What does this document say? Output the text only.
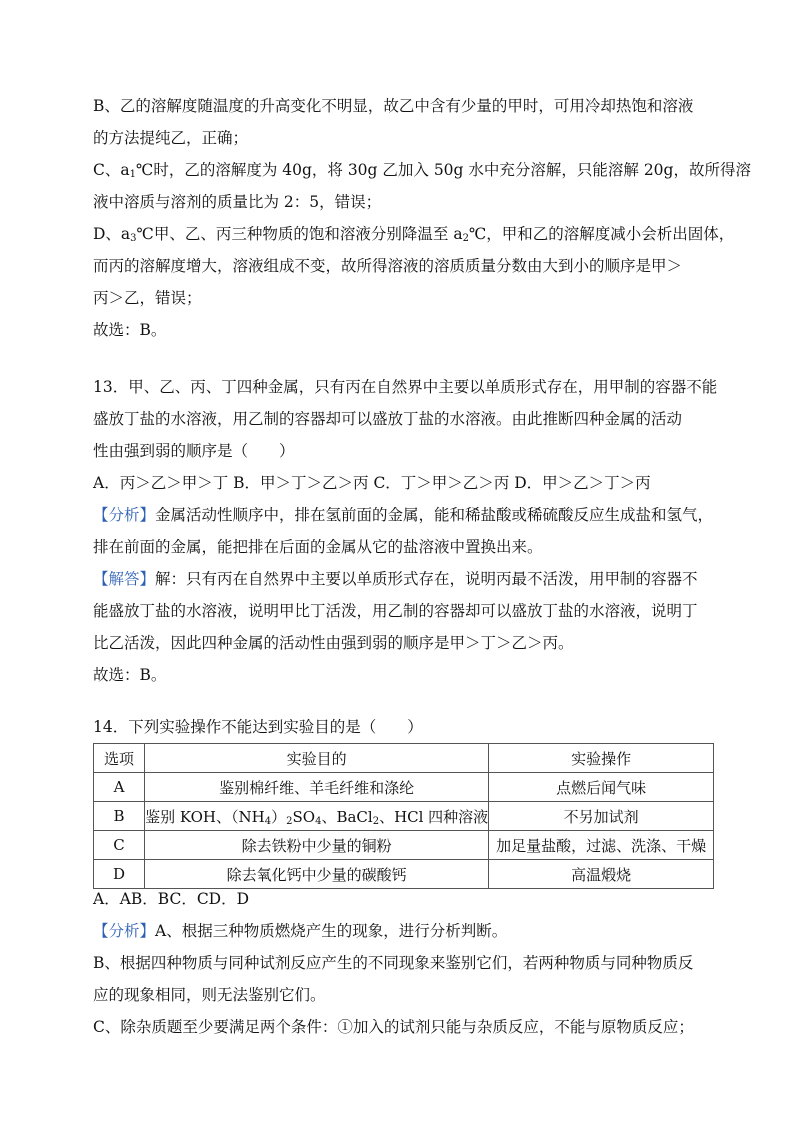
B、乙的溶解度随温度的升高变化不明显，故乙中含有少量的甲时，可用冷却热饱和溶液
的方法提纯乙，正确；
C、$a_1℃$时，乙的溶解度为 40g，将 30g 乙加入 50g 水中充分溶解，只能溶解 20g，故所得溶
液中溶质与溶剂的质量比为 2：5，错误；
D、$a_3℃$甲、乙、丙三种物质的饱和溶液分别降温至 $a_2℃$，甲和乙的溶解度减小会析出固体，
而丙的溶解度增大，溶液组成不变，故所得溶液的溶质质量分数由大到小的顺序是甲＞
丙＞乙，错误；
故选：B。
13．甲、乙、丙、丁四种金属，只有丙在自然界中主要以单质形式存在，用甲制的容器不能
盛放丁盐的水溶液，用乙制的容器却可以盛放丁盐的水溶液。由此推断四种金属的活动
性由强到弱的顺序是（　　）
A．丙＞乙＞甲＞丁 B．甲＞丁＞乙＞丙 C．丁＞甲＞乙＞丙 D．甲＞乙＞丁＞丙
【分析】金属活动性顺序中，排在氢前面的金属，能和稀盐酸或稀硫酸反应生成盐和氢气，
排在前面的金属，能把排在后面的金属从它的盐溶液中置换出来。
【解答】解：只有丙在自然界中主要以单质形式存在，说明丙最不活泼，用甲制的容器不
能盛放丁盐的水溶液，说明甲比丁活泼，用乙制的容器却可以盛放丁盐的水溶液，说明丁
比乙活泼，因此四种金属的活动性由强到弱的顺序是甲＞丁＞乙＞丙。
故选：B。
14．下列实验操作不能达到实验目的是（　　）
选项	实验目的	实验操作
A	鉴别棉纤维、羊毛纤维和涤纶	点燃后闻气味
B	鉴别 KOH、$(NH_4)_2SO_4$、BaCl$_2$、HCl 四种溶液	不另加试剂
C	除去铁粉中少量的铜粉	加足量盐酸，过滤、洗涤、干燥
D	除去氧化钙中少量的碳酸钙	高温煅烧
A．AB．BC．CD．D
【分析】A、根据三种物质燃烧产生的现象，进行分析判断。
B、根据四种物质与同种试剂反应产生的不同现象来鉴别它们，若两种物质与同种物质反
应的现象相同，则无法鉴别它们。
C、除杂质题至少要满足两个条件：①加入的试剂只能与杂质反应，不能与原物质反应；
